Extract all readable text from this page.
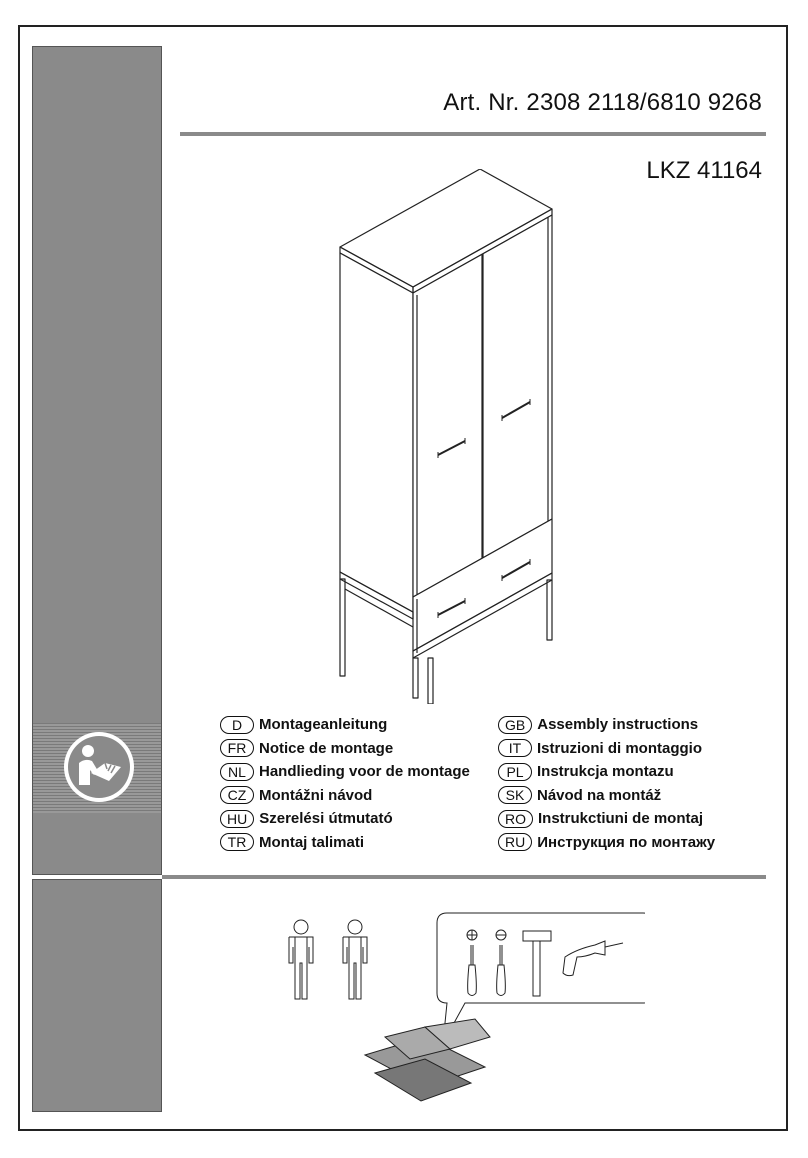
Art. Nr. 2308 2118/6810 9268
LKZ 41164
D	Montageanleitung
FR Notice de montage
NL Handlieding voor de montage
CZ Montážni návod
HU Szerelési útmutató
TR Montaj talimati
GB Assembly instructions
IT	Istruzioni di montaggio
PL Instrukcja montazu
SK Návod na montáž
RO Instrukctiuni de montaj
RU Инструкция по монтажу
